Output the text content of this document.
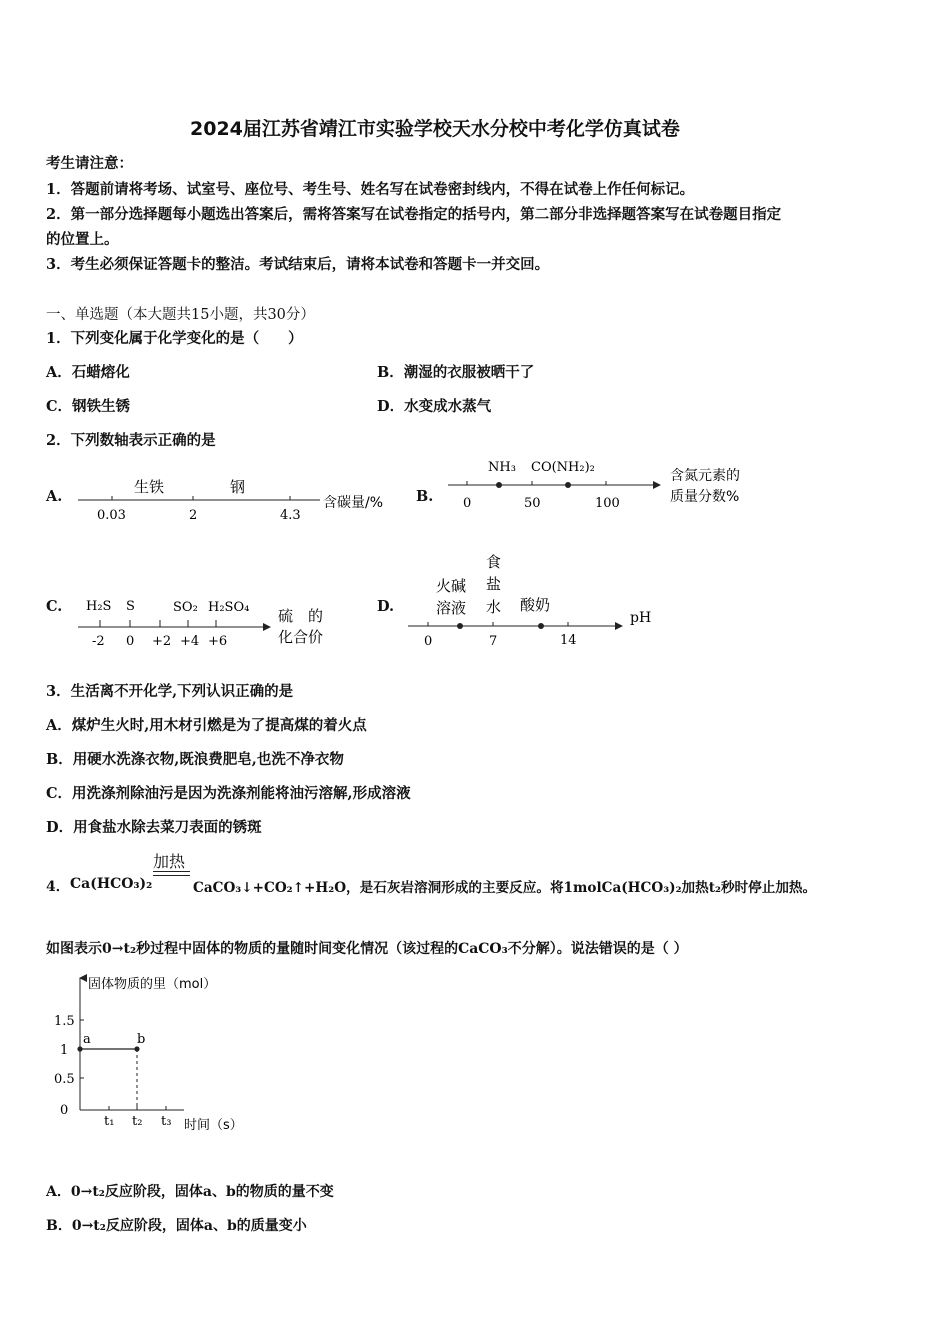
2024届江苏省靖江市实验学校天水分校中考化学仿真试卷
考生请注意：
1．答题前请将考场、试室号、座位号、考生号、姓名写在试卷密封线内，不得在试卷上作任何标记。
2．第一部分选择题每小题选出答案后，需将答案写在试卷指定的括号内，第二部分非选择题答案写在试卷题目指定
的位置上。
3．考生必须保证答题卡的整洁。考试结束后，请将本试卷和答题卡一并交回。
一、单选题（本大题共15小题，共30分）
1．下列变化属于化学变化的是（　　）
A．石蜡熔化	B．潮湿的衣服被晒干了
C．钢铁生锈	D．水变成水蒸气
2．下列数轴表示正确的是
A.
生铁	钢
0.03	2	4.3
含碳量/% B.
NH₃ CO(NH₂)₂
0	50	100
含氮元素的
质量分数%
C. H₂S S	SO₂ H₂SO₄
-2 0 +2 +4 +6
硫　的
化合价
D.
火碱
溶液
食
盐
水 酸奶
0	7	14
pH
3．生活离不开化学,下列认识正确的是
A．煤炉生火时,用木材引燃是为了提高煤的着火点
B．用硬水洗涤衣物,既浪费肥皂,也洗不净衣物
C．用洗涤剂除油污是因为洗涤剂能将油污溶解,形成溶液
D．用食盐水除去菜刀表面的锈斑
4． Ca(HCO₃)₂
加热
CaCO₃↓+CO₂↑+H₂O，是石灰岩溶洞形成的主要反应。将1molCa(HCO₃)₂加热t₂秒时停止加热。
如图表示0→t₂秒过程中固体的物质的量随时间变化情况（该过程的CaCO₃不分解）。说法错误的是（ ）
固体物质的里（mol）
1.5
1
0.5
0
a	b
t₁ t₂ t₃ 时间（s）
A．0→t₂反应阶段，固体a、b的物质的量不变
B．0→t₂反应阶段，固体a、b的质量变小
